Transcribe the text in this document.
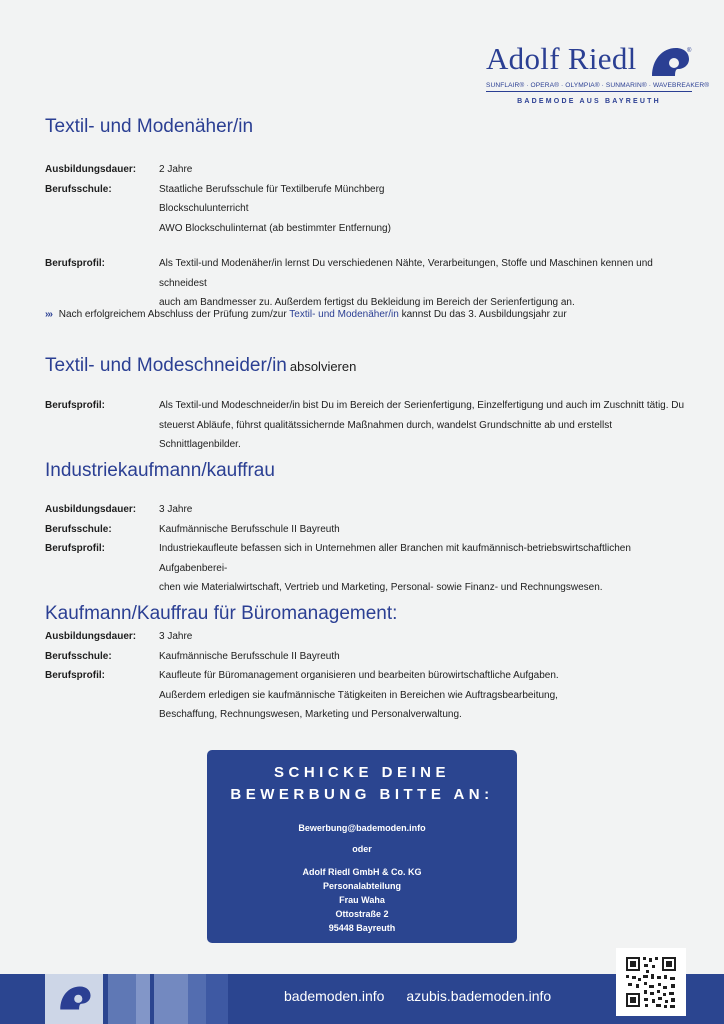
Adolf Riedl	®
SUNFLAIR® · OPERA® · OLYMPIA® · SUNMARIN® · WAVEBREAKER®
BADEMODE AUS BAYREUTH
Textil- und Modenäher/in
Ausbildungsdauer:	2 Jahre
Berufsschule:	Staatliche Berufsschule für Textilberufe Münchberg
Blockschulunterricht
AWO Blockschulinternat (ab bestimmter Entfernung)
Berufsprofil:	Als Textil-und Modenäher/in lernst Du verschiedenen Nähte, Verarbeitungen, Stoffe und Maschinen kennen und schneidest
auch am Bandmesser zu. Außerdem fertigst du Bekleidung im Bereich der Serienfertigung an.
››› Nach erfolgreichem Abschluss der Prüfung zum/zur Textil- und Modenäher/in kannst Du das 3. Ausbildungsjahr zur
Textil- und Modeschneider/in absolvieren
Berufsprofil:	Als Textil-und Modeschneider/in bist Du im Bereich der Serienfertigung, Einzelfertigung und auch im Zuschnitt tätig. Du
steuerst Abläufe, führst qualitätssichernde Maßnahmen durch, wandelst Grundschnitte ab und erstellst Schnittlagenbilder.
Industriekaufmann/kauffrau
Ausbildungsdauer:	3 Jahre
Berufsschule:	Kaufmännische Berufsschule II Bayreuth
Berufsprofil:	Industriekaufleute befassen sich in Unternehmen aller Branchen mit kaufmännisch-betriebswirtschaftlichen Aufgabenberei-
chen wie Materialwirtschaft, Vertrieb und Marketing, Personal- sowie Finanz- und Rechnungswesen.
Kaufmann/Kauffrau für Büromanagement:
Ausbildungsdauer:	3 Jahre
Berufsschule:	Kaufmännische Berufsschule II Bayreuth
Berufsprofil:	Kaufleute für Büromanagement organisieren und bearbeiten bürowirtschaftliche Aufgaben.
Außerdem erledigen sie kaufmännische Tätigkeiten in Bereichen wie Auftragsbearbeitung,
Beschaffung, Rechnungswesen, Marketing und Personalverwaltung.
SCHICKE DEINE
BEWERBUNG BITTE AN:
Bewerbung@bademoden.info
oder
Adolf Riedl GmbH & Co. KG
Personalabteilung
Frau Waha
Ottostraße 2
95448 Bayreuth
bademoden.info azubis.bademoden.info
